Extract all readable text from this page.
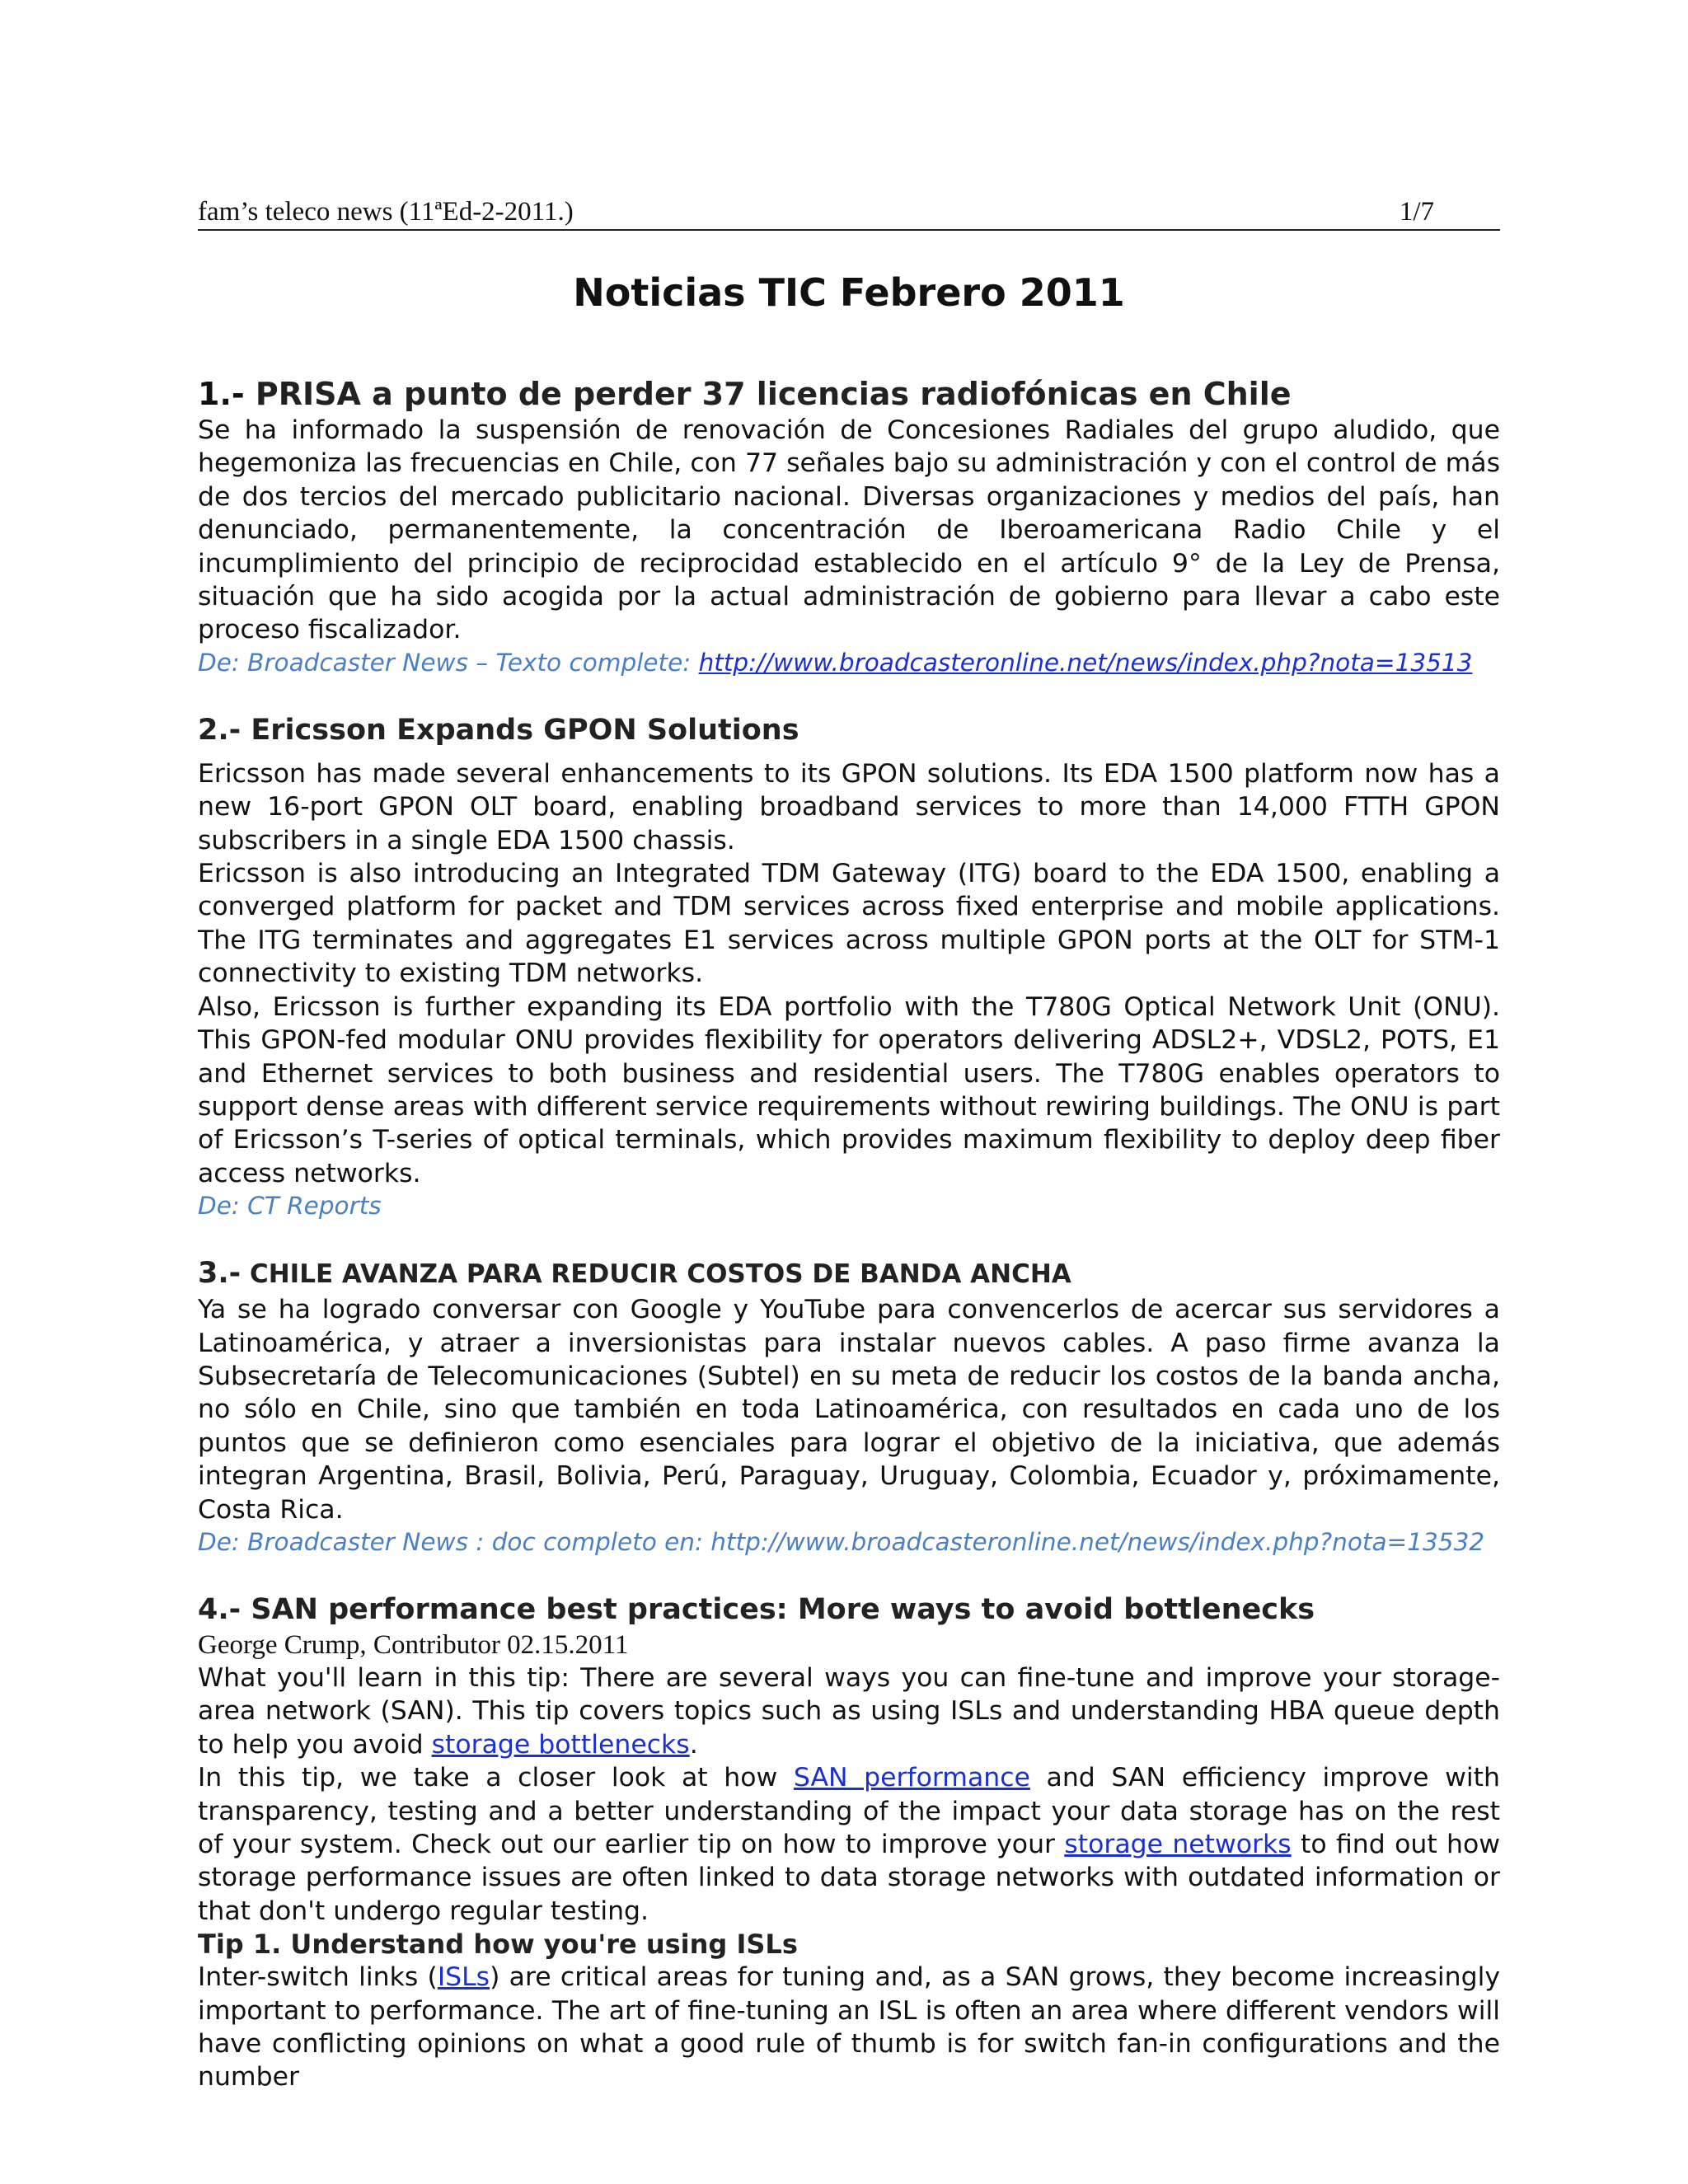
fam’s teleco news (11ªEd-2-2011.)	1/7
Noticias TIC Febrero 2011
1.- PRISA a punto de perder 37 licencias radiofónicas en Chile

Se ha informado la suspensión de renovación de Concesiones Radiales del grupo aludido, que hegemoniza las frecuencias en Chile, con 77 señales bajo su administración y con el control de más de dos tercios del mercado publicitario nacional. Diversas organizaciones y medios del país, han denunciado, permanentemente, la concentración de Iberoamericana Radio Chile y el incumplimiento del principio de reciprocidad establecido en el artículo 9° de la Ley de Prensa, situación que ha sido acogida por la actual administración de gobierno para llevar a cabo este proceso fiscalizador.

De: Broadcaster News – Texto complete: http://www.broadcasteronline.net/news/index.php?nota=13513
2.- Ericsson Expands GPON Solutions

Ericsson has made several enhancements to its GPON solutions. Its EDA 1500 platform now has a new 16-port GPON OLT board, enabling broadband services to more than 14,000 FTTH GPON subscribers in a single EDA 1500 chassis.

Ericsson is also introducing an Integrated TDM Gateway (ITG) board to the EDA 1500, enabling a converged platform for packet and TDM services across fixed enterprise and mobile applications. The ITG terminates and aggregates E1 services across multiple GPON ports at the OLT for STM-1 connectivity to existing TDM networks.

Also, Ericsson is further expanding its EDA portfolio with the T780G Optical Network Unit (ONU). This GPON-fed modular ONU provides flexibility for operators delivering ADSL2+, VDSL2, POTS, E1 and Ethernet services to both business and residential users. The T780G enables operators to support dense areas with different service requirements without rewiring buildings. The ONU is part of Ericsson’s T-series of optical terminals, which provides maximum flexibility to deploy deep fiber access networks.

De: CT Reports
3.- CHILE AVANZA PARA REDUCIR COSTOS DE BANDA ANCHA

Ya se ha logrado conversar con Google y YouTube para convencerlos de acercar sus servidores a Latinoamérica, y atraer a inversionistas para instalar nuevos cables. A paso firme avanza la Subsecretaría de Telecomunicaciones (Subtel) en su meta de reducir los costos de la banda ancha, no sólo en Chile, sino que también en toda Latinoamérica, con resultados en cada uno de los puntos que se definieron como esenciales para lograr el objetivo de la iniciativa, que además integran Argentina, Brasil, Bolivia, Perú, Paraguay, Uruguay, Colombia, Ecuador y, próximamente, Costa Rica.

De: Broadcaster News : doc completo en: http://www.broadcasteronline.net/news/index.php?nota=13532
4.- SAN performance best practices: More ways to avoid bottlenecks
George Crump, Contributor 02.15.2011

What you'll learn in this tip: There are several ways you can fine-tune and improve your storage-area network (SAN). This tip covers topics such as using ISLs and understanding HBA queue depth to help you avoid storage bottlenecks.

In this tip, we take a closer look at how SAN performance and SAN efficiency improve with transparency, testing and a better understanding of the impact your data storage has on the rest of your system. Check out our earlier tip on how to improve your storage networks to find out how storage performance issues are often linked to data storage networks with outdated information or that don't undergo regular testing.

Tip 1. Understand how you're using ISLs

Inter-switch links (ISLs) are critical areas for tuning and, as a SAN grows, they become increasingly important to performance. The art of fine-tuning an ISL is often an area where different vendors will have conflicting opinions on what a good rule of thumb is for switch fan-in configurations and the number
